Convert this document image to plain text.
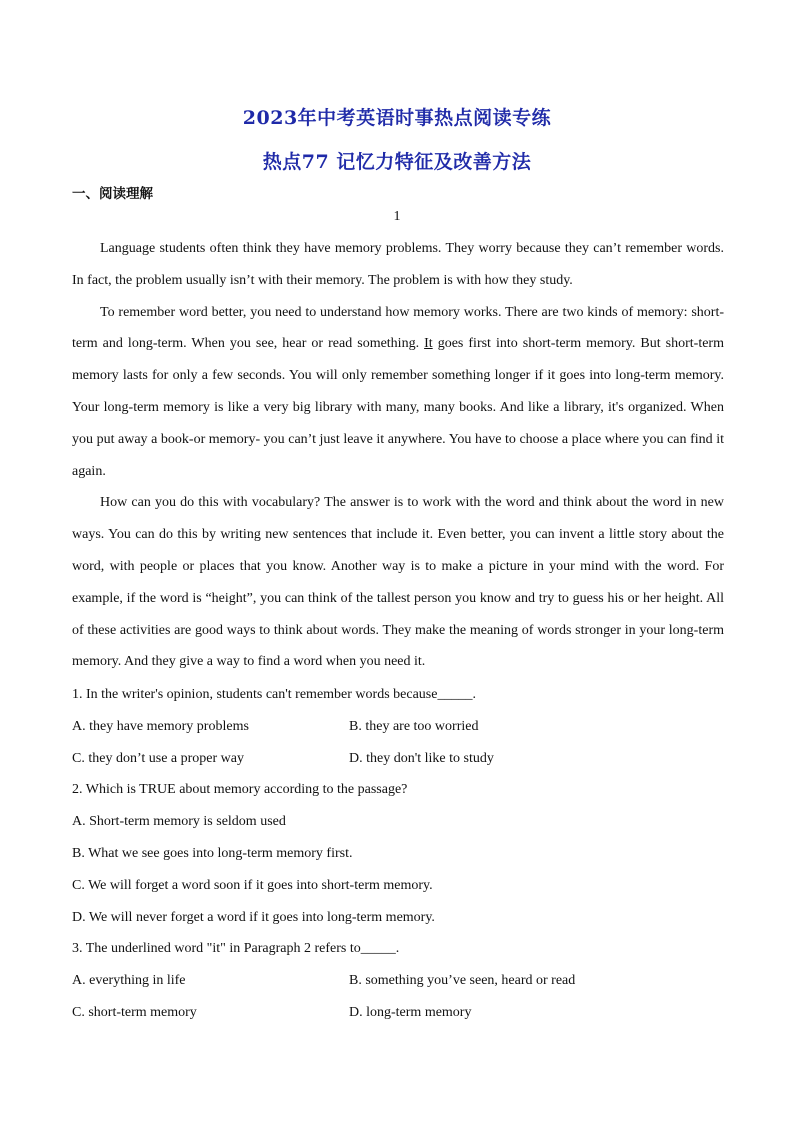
2023年中考英语时事热点阅读专练
热点77 记忆力特征及改善方法
一、阅读理解
1

Language students often think they have memory problems. They worry because they can’t remember words. In fact, the problem usually isn’t with their memory. The problem is with how they study.

To remember word better, you need to understand how memory works. There are two kinds of memory: short-term and long-term. When you see, hear or read something. It goes first into short-term memory. But short-term memory lasts for only a few seconds. You will only remember something longer if it goes into long-term memory. Your long-term memory is like a very big library with many, many books. And like a library, it's organized. When you put away a book-or memory- you can’t just leave it anywhere. You have to choose a place where you can find it again.

How can you do this with vocabulary? The answer is to work with the word and think about the word in new ways. You can do this by writing new sentences that include it. Even better, you can invent a little story about the word, with people or places that you know. Another way is to make a picture in your mind with the word. For example, if the word is “height”, you can think of the tallest person you know and try to guess his or her height. All of these activities are good ways to think about words. They make the meaning of words stronger in your long-term memory. And they give a way to find a word when you need it.

1. In the writer's opinion, students can't remember words because_____.
A. they have memory problems	B. they are too worried
C. they don’t use a proper way	D. they don't like to study
2. Which is TRUE about memory according to the passage?
A. Short-term memory is seldom used
B. What we see goes into long-term memory first.
C. We will forget a word soon if it goes into short-term memory.
D. We will never forget a word if it goes into long-term memory.
3. The underlined word "it" in Paragraph 2 refers to_____.
A. everything in life	B. something you’ve seen, heard or read
C. short-term memory	D. long-term memory
